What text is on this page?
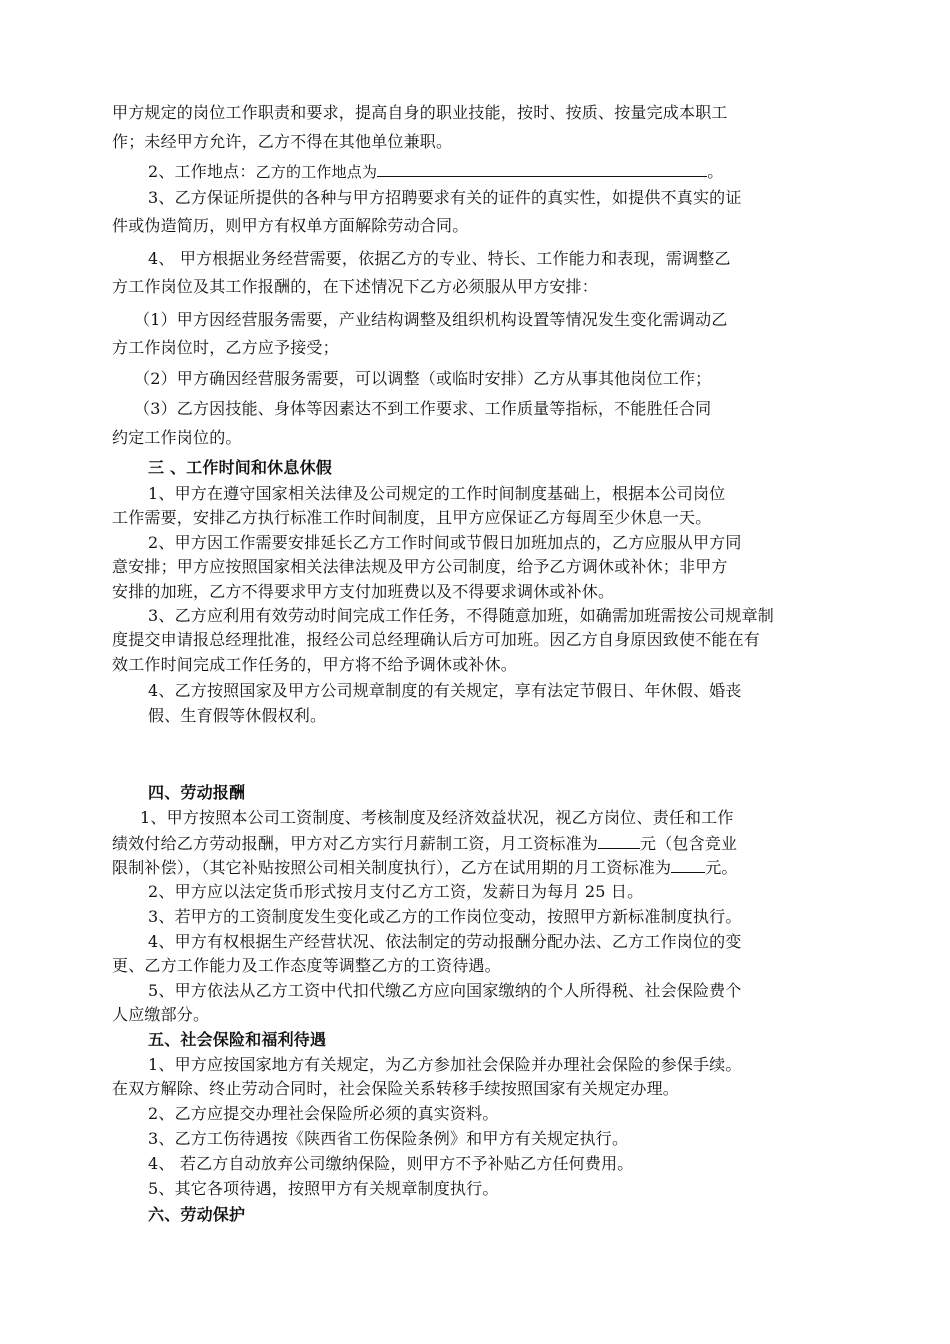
甲方规定的岗位工作职责和要求，提高自身的职业技能，按时、按质、按量完成本职工
作；未经甲方允许，乙方不得在其他单位兼职。
2、工作地点：乙方的工作地点为	。
3、乙方保证所提供的各种与甲方招聘要求有关的证件的真实性，如提供不真实的证
件或伪造简历，则甲方有权单方面解除劳动合同。
4、 甲方根据业务经营需要，依据乙方的专业、特长、工作能力和表现，需调整乙
方工作岗位及其工作报酬的，在下述情况下乙方必须服从甲方安排：
（1）甲方因经营服务需要，产业结构调整及组织机构设置等情况发生变化需调动乙
方工作岗位时，乙方应予接受；
（2）甲方确因经营服务需要，可以调整（或临时安排）乙方从事其他岗位工作；
（3）乙方因技能、身体等因素达不到工作要求、工作质量等指标，不能胜任合同
约定工作岗位的。
三 、工作时间和休息休假
1、甲方在遵守国家相关法律及公司规定的工作时间制度基础上，根据本公司岗位
工作需要，安排乙方执行标准工作时间制度，且甲方应保证乙方每周至少休息一天。
2、甲方因工作需要安排延长乙方工作时间或节假日加班加点的，乙方应服从甲方同
意安排；甲方应按照国家相关法律法规及甲方公司制度，给予乙方调休或补休；非甲方
安排的加班，乙方不得要求甲方支付加班费以及不得要求调休或补休。
3、乙方应利用有效劳动时间完成工作任务，不得随意加班，如确需加班需按公司规章制
度提交申请报总经理批准，报经公司总经理确认后方可加班。因乙方自身原因致使不能在有
效工作时间完成工作任务的，甲方将不给予调休或补休。
4、乙方按照国家及甲方公司规章制度的有关规定，享有法定节假日、年休假、婚丧
假、生育假等休假权利。
四、劳动报酬
1、甲方按照本公司工资制度、考核制度及经济效益状况，视乙方岗位、责任和工作
绩效付给乙方劳动报酬，甲方对乙方实行月薪制工资，月工资标准为	元（包含竞业
限制补偿），（其它补贴按照公司相关制度执行），乙方在试用期的月工资标准为 元。
2、甲方应以法定货币形式按月支付乙方工资，发薪日为每月 25 日。
3、若甲方的工资制度发生变化或乙方的工作岗位变动，按照甲方新标准制度执行。
4、甲方有权根据生产经营状况、依法制定的劳动报酬分配办法、乙方工作岗位的变
更、乙方工作能力及工作态度等调整乙方的工资待遇。
5、甲方依法从乙方工资中代扣代缴乙方应向国家缴纳的个人所得税、社会保险费个
人应缴部分。
五、社会保险和福利待遇
1、甲方应按国家地方有关规定，为乙方参加社会保险并办理社会保险的参保手续。
在双方解除、终止劳动合同时，社会保险关系转移手续按照国家有关规定办理。
2、乙方应提交办理社会保险所必须的真实资料。
3、乙方工伤待遇按《陕西省工伤保险条例》和甲方有关规定执行。
4、 若乙方自动放弃公司缴纳保险，则甲方不予补贴乙方任何费用。
5、其它各项待遇，按照甲方有关规章制度执行。
六、劳动保护
